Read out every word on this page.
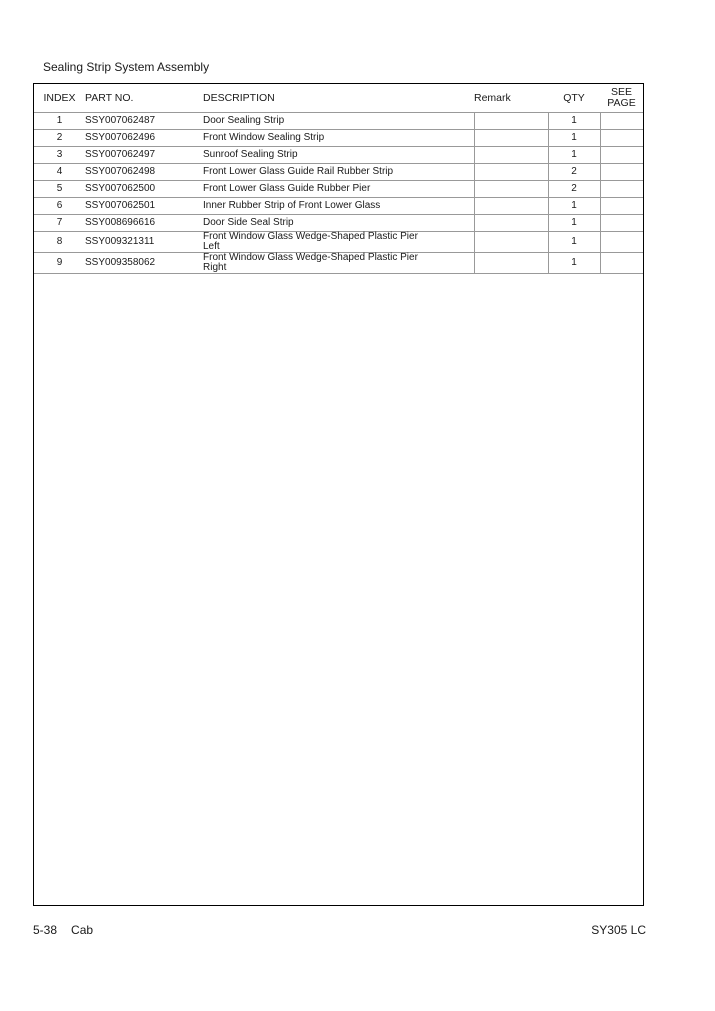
Sealing Strip System Assembly
INDEX	PART NO.	DESCRIPTION	Remark	QTY	SEE
PAGE

1	SSY007062487	Door Sealing Strip		1	
2	SSY007062496	Front Window Sealing Strip		1	
3	SSY007062497	Sunroof Sealing Strip		1	
4	SSY007062498	Front Lower Glass Guide Rail Rubber Strip		2	
5	SSY007062500	Front Lower Glass Guide Rubber Pier		2	
6	SSY007062501	Inner Rubber Strip of Front Lower Glass		1	
7	SSY008696616	Door Side Seal Strip		1	
8	SSY009321311	Front Window Glass Wedge-Shaped Plastic Pier
Left		1	
9	SSY009358062	Front Window Glass Wedge-Shaped Plastic Pier
Right		1	
5-38 Cab	SY305 LC
